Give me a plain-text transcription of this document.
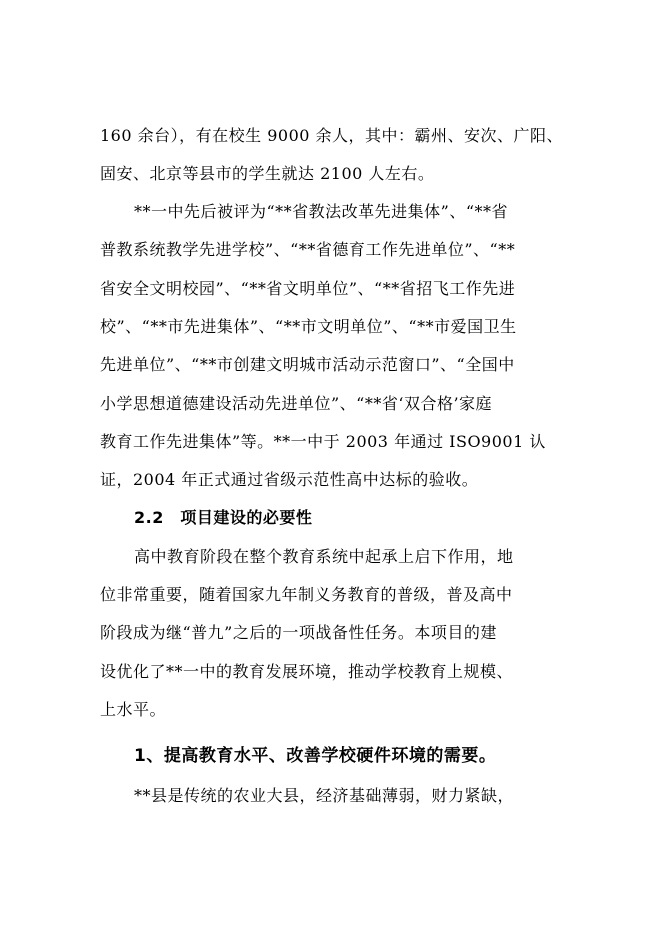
160 余台），有在校生 9000 余人，其中：霸州、安次、广阳、
固安、北京等县市的学生就达 2100 人左右。
**一中先后被评为“**省教法改革先进集体”、“**省
普教系统教学先进学校”、“**省德育工作先进单位”、“**
省安全文明校园”、“**省文明单位”、“**省招飞工作先进
校”、“**市先进集体”、“**市文明单位”、“**市爱国卫生
先进单位”、“**市创建文明城市活动示范窗口”、“全国中
小学思想道德建设活动先进单位”、“**省‘双合格’家庭
教育工作先进集体”等。**一中于 2003 年通过 ISO9001 认
证，2004 年正式通过省级示范性高中达标的验收。
2.2　项目建设的必要性
高中教育阶段在整个教育系统中起承上启下作用，地
位非常重要，随着国家九年制义务教育的普级，普及高中
阶段成为继“普九”之后的一项战备性任务。本项目的建
设优化了**一中的教育发展环境，推动学校教育上规模、
上水平。
1、提高教育水平、改善学校硬件环境的需要。
**县是传统的农业大县，经济基础薄弱，财力紧缺，
